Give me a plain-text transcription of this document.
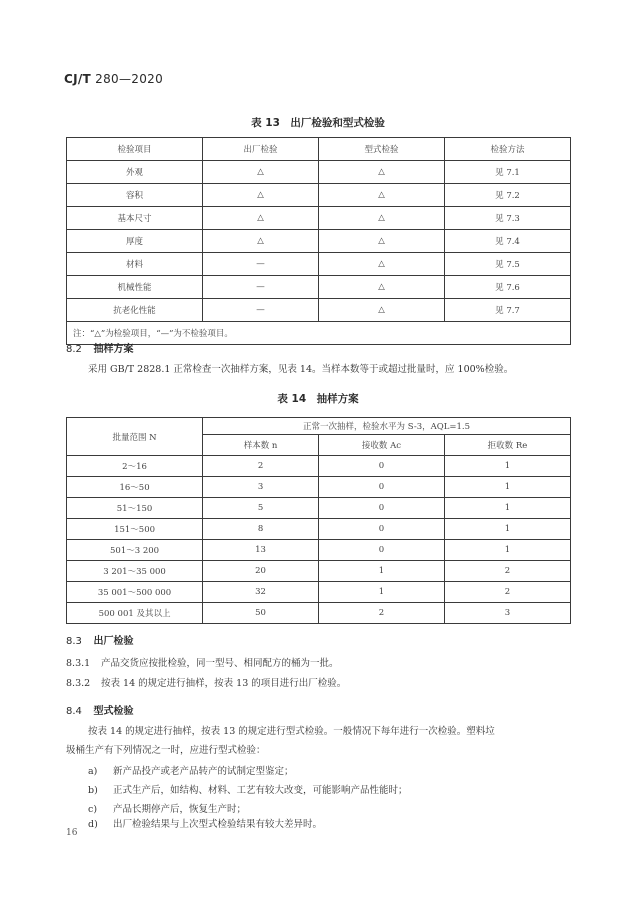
CJ/T 280—2020
表 13　出厂检验和型式检验
检验项目	出厂检验	型式检验	检验方法
外观	△	△	见 7.1
容积	△	△	见 7.2
基本尺寸	△	△	见 7.3
厚度	△	△	见 7.4
材料	—	△	见 7.5
机械性能	—	△	见 7.6
抗老化性能	—	△	见 7.7
注：“△”为检验项目，“—”为不检验项目。			
8.2 抽样方案
采用 GB/T 2828.1 正常检查一次抽样方案，见表 14。当样本数等于或超过批量时，应 100%检验。
表 14　抽样方案
批量范围 N	正常一次抽样，检验水平为 S-3，AQL=1.5		
	样本数 n	接收数 Ac	拒收数 Re
2～16	2	0	1
16～50	3	0	1
51～150	5	0	1
151～500	8	0	1
501～3 200	13	0	1
3 201～35 000	20	1	2
35 001～500 000	32	1	2
500 001 及其以上	50	2	3
8.3 出厂检验
8.3.1 产品交货应按批检验，同一型号、相同配方的桶为一批。
8.3.2 按表 14 的规定进行抽样，按表 13 的项目进行出厂检验。
8.4 型式检验
按表 14 的规定进行抽样，按表 13 的规定进行型式检验。一般情况下每年进行一次检验。塑料垃
圾桶生产有下列情况之一时，应进行型式检验：
a) 新产品投产或老产品转产的试制定型鉴定；
b) 正式生产后，如结构、材料、工艺有较大改变，可能影响产品性能时；
c) 产品长期停产后，恢复生产时；
d) 出厂检验结果与上次型式检验结果有较大差异时。
16
